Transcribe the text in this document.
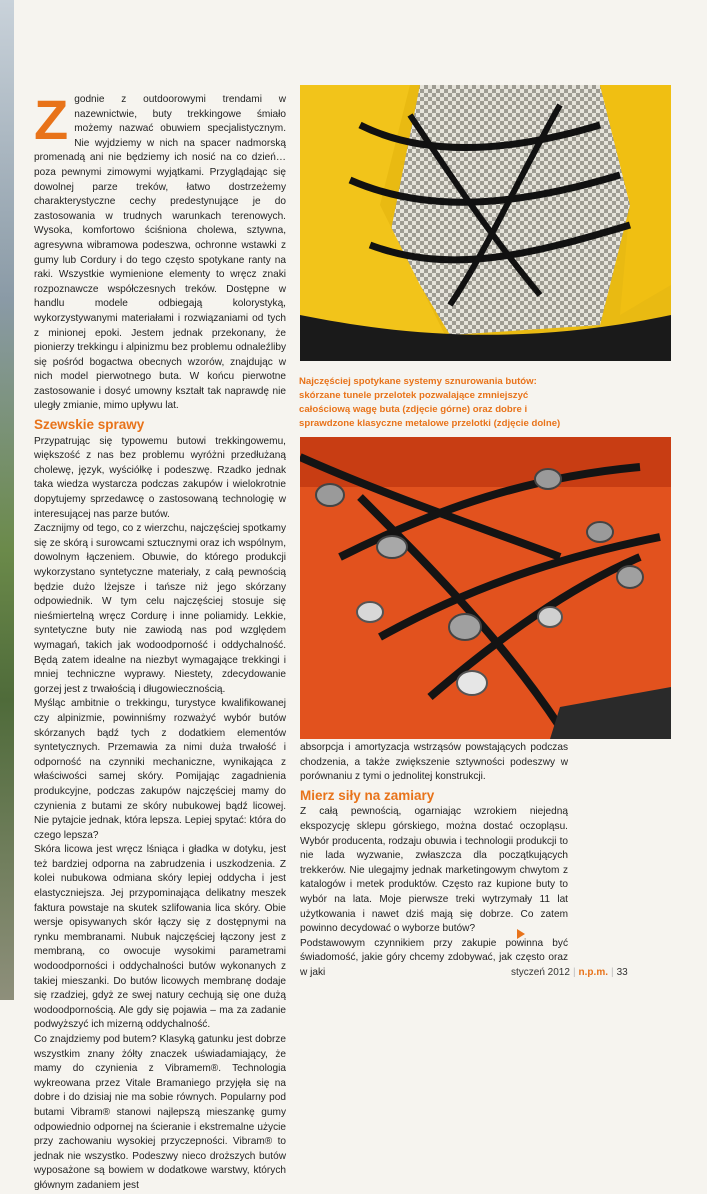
Zgodnie z outdoorowymi trendami w nazewnictwie, buty trekkingowe śmiało możemy nazwać obuwiem specjalistycznym. Nie wyjdziemy w nich na spacer nadmorską promenadą ani nie będziemy ich nosić na co dzień… poza pewnymi zimowymi wyjątkami. Przyglądając się dowolnej parze treków, łatwo dostrzeżemy charakterystyczne cechy predestynujące je do zastosowania w trudnych warunkach terenowych. Wysoka, komfortowo ściśniona cholewa, sztywna, agresywna wibramowa podeszwa, ochronne wstawki z gumy lub Cordury i do tego często spotykane ranty na raki. Wszystkie wymienione elementy to wręcz znaki rozpoznawcze współczesnych treków. Dostępne w handlu modele odbiegają kolorystyką, wykorzystywanymi materiałami i rozwiązaniami od tych z minionej epoki. Jestem jednak przekonany, że pionierzy trekkingu i alpinizmu bez problemu odnaleźliby się pośród bogactwa obecnych wzorów, znajdując w nich model pierwotnego buta. W końcu pierwotne zastosowanie i dosyć umowny kształt tak naprawdę nie uległy zmianie, mimo upływu lat.

Szewskie sprawy

Przypatrując się typowemu butowi trekkingowemu, większość z nas bez problemu wyróżni przedłużaną cholewę, język, wyściółkę i podeszwę. Rzadko jednak taka wiedza wystarcza podczas zakupów i wielokrotnie dopytujemy sprzedawcę o zastosowaną technologię w interesującej nas parze butów.

Zacznijmy od tego, co z wierzchu, najczęściej spotkamy się ze skórą i surowcami sztucznymi oraz ich wspólnym, dowolnym łączeniem. Obuwie, do którego produkcji wykorzystano syntetyczne materiały, z całą pewnością będzie dużo lżejsze i tańsze niż jego skórzany odpowiednik. W tym celu najczęściej stosuje się nieśmiertelną wręcz Cordurę i inne poliamidy. Lekkie, syntetyczne buty nie zawiodą nas pod względem wymagań, takich jak wodoodporność i oddychalność. Będą zatem idealne na niezbyt wymagające trekkingi i mniej techniczne wyprawy. Niestety, zdecydowanie gorzej jest z trwałością i długowiecznością.

Myśląc ambitnie o trekkingu, turystyce kwalifikowanej czy alpinizmie, powinniśmy rozważyć wybór butów skórzanych bądź tych z dodatkiem elementów syntetycznych. Przemawia za nimi duża trwałość i odporność na czynniki mechaniczne, wynikająca z właściwości samej skóry. Pomijając zagadnienia produkcyjne, podczas zakupów najczęściej mamy do czynienia z butami ze skóry nubukowej bądź licowej. Nie pytajcie jednak, która lepsza. Lepiej spytać: która do czego lepsza?

Skóra licowa jest wręcz lśniąca i gładka w dotyku, jest też bardziej odporna na zabrudzenia i uszkodzenia. Z kolei nubukowa odmiana skóry lepiej oddycha i jest elastyczniejsza. Jej przypominająca delikatny meszek faktura powstaje na skutek szlifowania lica skóry. Obie wersje opisywanych skór łączy się z dostępnymi na rynku membranami. Nubuk najczęściej łączony jest z membraną, co owocuje wysokimi parametrami wodoodporności i oddychalności butów wykonanych z takiej mieszanki. Do butów licowych membranę dodaje się rzadziej, gdyż ze swej natury cechują się one dużą wodoodpornością. Ale gdy się pojawia – ma za zadanie podwyższyć ich mizerną oddychalność.

Co znajdziemy pod butem? Klasyką gatunku jest dobrze wszystkim znany żółty znaczek uświadamiający, że mamy do czynienia z Vibramem®. Technologia wykreowana przez Vitale Bramaniego przyjęła się na dobre i do dzisiaj nie ma sobie równych. Popularny pod butami Vibram® stanowi najlepszą mieszankę gumy odpowiednio odpornej na ścieranie i ekstremalne użycie przy zachowaniu wysokiej przyczepności. Vibram® to jednak nie wszystko. Podeszwy nieco droższych butów wyposażone są bowiem w dodatkowe warstwy, których głównym zadaniem jest

Najczęściej spotykane systemy sznurowania butów: skórzane tunele przelotek pozwalające zmniejszyć całościową wagę buta (zdjęcie górne) oraz dobre i sprawdzone klasyczne metalowe przelotki (zdjęcie dolne)

absorpcja i amortyzacja wstrząsów powstających podczas chodzenia, a także zwiększenie sztywności podeszwy w porównaniu z tymi o jednolitej konstrukcji.

Mierz siły na zamiary

Z całą pewnością, ogarniając wzrokiem niejedną ekspozycję sklepu górskiego, można dostać oczopląsu. Wybór producenta, rodzaju obuwia i technologii produkcji to nie lada wyzwanie, zwłaszcza dla początkujących trekkerów. Nie ulegajmy jednak marketingowym chwytom z katalogów i metek produktów. Często raz kupione buty to wybór na lata. Moje pierwsze treki wytrzymały 11 lat użytkowania i nawet dziś mają się dobrze. Co zatem powinno decydować o wyborze butów?

Podstawowym czynnikiem przy zakupie powinna być świadomość, jakie góry chcemy zdobywać, jak często oraz w jaki	styczeń 2012 | n.p.m. | 33
